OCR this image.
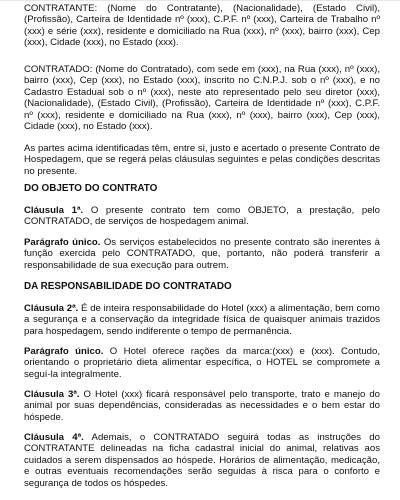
CONTRATANTE: (Nome do Contratante), (Nacionalidade), (Estado Civil), (Profissão), Carteira de Identidade nº (xxx), C.P.F. nº (xxx), Carteira de Trabalho nº (xxx) e série (xxx), residente e domiciliado na Rua (xxx), nº (xxx), bairro (xxx), Cep (xxx), Cidade (xxx), no Estado (xxx).

CONTRATADO: (Nome do Contratado), com sede em (xxx), na Rua (xxx), nº (xxx), bairro (xxx), Cep (xxx), no Estado (xxx), inscrito no C.N.P.J. sob o nº (xxx), e no Cadastro Estadual sob o nº (xxx), neste ato representado pelo seu diretor (xxx), (Nacionalidade), (Estado Civil), (Profissão), Carteira de Identidade nº (xxx), C.P.F. nº (xxx), residente e domiciliado na Rua (xxx), nº (xxx), bairro (xxx), Cep (xxx), Cidade (xxx), no Estado (xxx).

As partes acima identificadas têm, entre si, justo e acertado o presente Contrato de Hospedagem, que se regerá pelas cláusulas seguintes e pelas condições descritas no presente.

DO OBJETO DO CONTRATO

Cláusula 1ª. O presente contrato tem como OBJETO, a prestação, pelo CONTRATADO, de serviços de hospedagem animal.

Parágrafo único. Os serviços estabelecidos no presente contrato são inerentes à função exercida pelo CONTRATADO, que, portanto, não poderá transferir a responsabilidade de sua execução para outrem.

DA RESPONSABILIDADE DO CONTRATADO

Cláusula 2ª. É de inteira responsabilidade do Hotel (xxx) a alimentação, bem como a segurança e a conservação da integridade física de quaisquer animais trazidos para hospedagem, sendo indiferente o tempo de permanência.

Parágrafo único. O Hotel oferece rações da marca:(xxx) e (xxx). Contudo, orientando o proprietário dieta alimentar específica, o HOTEL se compromete a seguí-la integralmente.

Cláusula 3ª. O Hotel (xxx) ficará responsável pelo transporte, trato e manejo do animal por suas dependências, consideradas as necessidades e o bem estar do hóspede.

Cláusula 4ª. Ademais, o CONTRATADO seguirá todas as instruções do CONTRATANTE delineadas na ficha cadastral inicial do animal, relativas aos cuidados a serem dispensados ao hóspede. Horários de alimentação, medicação, e outras eventuais recomendações serão seguidas à risca para o conforto e segurança de todos os hóspedes.
